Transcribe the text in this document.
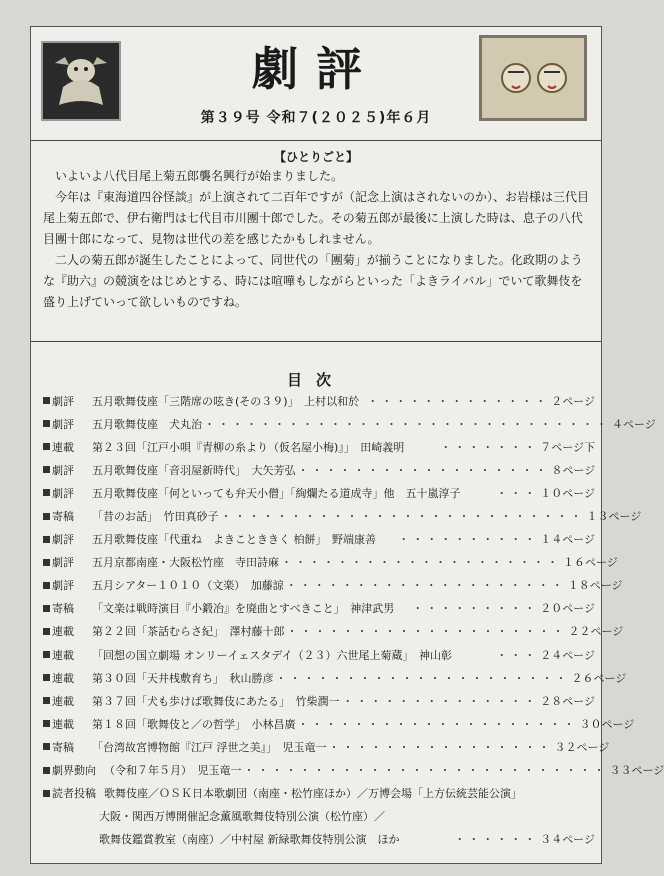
劇評
第３９号 令和７(２０２５)年６月
【ひとりごと】

いよいよ八代目尾上菊五郎襲名興行が始まりました。

今年は『東海道四谷怪談』が上演されて二百年ですが（記念上演はされないのか）、お岩様は三代目尾上菊五郎で、伊右衛門は七代目市川團十郎でした。その菊五郎が最後に上演した時は、息子の八代目團十郎になって、見物は世代の差を感じたかもしれません。

二人の菊五郎が誕生したことによって、同世代の「團菊」が揃うことになりました。化政期のような『助六』の競演をはじめとする、時には喧嘩もしながらといった「よきライバル」でいて歌舞伎を盛り上げていって欲しいものですね。

目次
劇評	五月歌舞伎座「三階席の呟き(その３９)」　上村以和於 ・・・・・・・・・・・・・ ２ページ
劇評	五月歌舞伎座　犬丸治 ・・・・・・・・・・・・・・・・・・・・・・・・・・・・・ ４ページ
連載	第２３回「江戸小唄『青柳の糸より（仮名屋小梅)』」　田崎義明	・・・・・・・ ７ページ下
劇評	五月歌舞伎座「音羽屋新時代」　大矢芳弘 ・・・・・・・・・・・・・・・・・・ ８ページ
劇評	五月歌舞伎座「何といっても弁天小僧」「絢爛たる道成寺」他　五十嵐淳子	・・・ １０ページ
寄稿	「昔のお話」　竹田真砂子 ・・・・・・・・・・・・・・・・・・・・・・・・・・ １３ページ
劇評	五月歌舞伎座「代重ね　よきことききく 柏餅」　野端康善	・・・・・・・・・・ １４ページ
劇評	五月京都南座・大阪松竹座　寺田詩麻 ・・・・・・・・・・・・・・・・・・・・ １６ページ
劇評	五月シアター１０１０（文楽）　加藤諒 ・・・・・・・・・・・・・・・・・・・・ １８ページ
寄稿	「文楽は戦時演目『小鍛冶』を廃曲とすべきこと」　神津武男	・・・・・・・・・ ２０ページ
連載	第２２回「茶話むらさ紀」　澤村藤十郎 ・・・・・・・・・・・・・・・・・・・・ ２２ページ
連載	「回想の国立劇場 オンリーイェスタデイ（２３）六世尾上菊蔵」　神山彰	・・・ ２４ページ
連載	第３０回「天井桟敷育ち」　秋山勝彦 ・・・・・・・・・・・・・・・・・・・・・ ２６ページ
連載	第３７回「犬も歩けば歌舞伎にあたる」　竹柴潤一 ・・・・・・・・・・・・・・ ２８ページ
連載	第１８回「歌舞伎と／の哲学」　小林昌廣 ・・・・・・・・・・・・・・・・・・・・ ３０ページ
寄稿	「台湾故宮博物館『江戸 浮世之美』」　児玉竜一 ・・・・・・・・・・・・・・・・ ３２ページ
劇界動向 （令和７年５月）　児玉竜一 ・・・・・・・・・・・・・・・・・・・・・・・・・・ ３３ページ
読者投稿 歌舞伎座／ＯＳＫ日本歌劇団（南座・松竹座ほか）／万博会場「上方伝統芸能公演」
大阪・関西万博開催記念薫風歌舞伎特別公演（松竹座）／
歌舞伎鑑賞教室（南座）／中村屋 新緑歌舞伎特別公演　ほか	・・・・・・ ３４ページ
